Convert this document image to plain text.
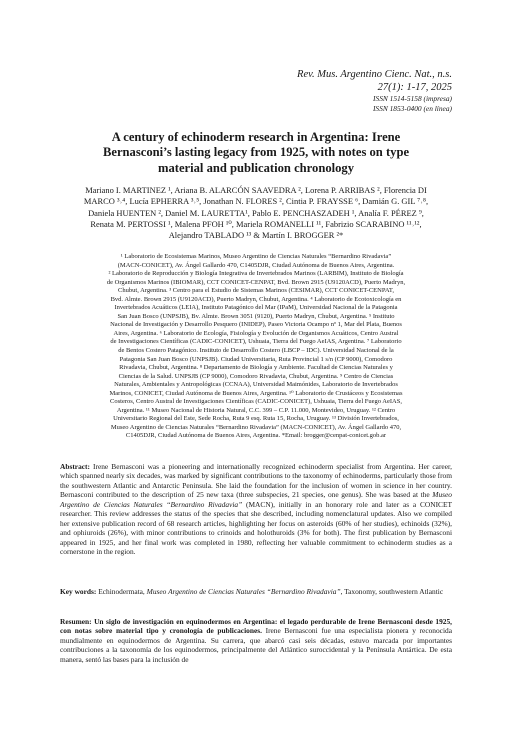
Rev. Mus. Argentino Cienc. Nat., n.s.
27(1): 1-17, 2025
ISSN 1514-5158 (impresa)
ISSN 1853-0400 (en línea)
A century of echinoderm research in Argentina: Irene
Bernasconi’s lasting legacy from 1925, with notes on type
material and publication chronology
Mariano I. MARTINEZ ¹, Ariana B. ALARCÓN SAAVEDRA ², Lorena P. ARRIBAS ², Florencia DI
MARCO ³˒⁴, Lucía EPHERRA ³˒⁵, Jonathan N. FLORES ², Cintia P. FRAYSSE ⁶, Damián G. GIL ⁷˒⁸,
Daniela HUENTEN ², Daniel M. LAURETTA¹, Pablo E. PENCHASZADEH ¹, Analía F. PÉREZ ⁹,
Renata M. PERTOSSI ¹, Malena PFOH ¹⁰, Mariela ROMANELLI ¹¹, Fabrizio SCARABINO ¹¹˒¹²,
Alejandro TABLADO ¹³ & Martín I. BROGGER ²*
¹ Laboratorio de Ecosistemas Marinos, Museo Argentino de Ciencias Naturales “Bernardino Rivadavia”
(MACN-CONICET), Av. Ángel Gallardo 470, C1405DJR, Ciudad Autónoma de Buenos Aires, Argentina.
² Laboratorio de Reproducción y Biología Integrativa de Invertebrados Marinos (LARBIM), Instituto de Biología
de Organismos Marinos (IBIOMAR), CCT CONICET-CENPAT, Bvd. Brown 2915 (U9120ACD), Puerto Madryn,
Chubut, Argentina. ³ Centro para el Estudio de Sistemas Marinos (CESIMAR), CCT CONICET-CENPAT,
Bvd. Almte. Brown 2915 (U9120ACD), Puerto Madryn, Chubut, Argentina. ⁴ Laboratorio de Ecotoxicología en
Invertebrados Acuáticos (LEIA), Instituto Patagónico del Mar (IPaM), Universidad Nacional de la Patagonia
San Juan Bosco (UNPSJB), Bv. Almte. Brown 3051 (9120), Puerto Madryn, Chubut, Argentina. ⁵ Instituto
Nacional de Investigación y Desarrollo Pesquero (INIDEP), Paseo Victoria Ocampo nº 1, Mar del Plata, Buenos
Aires, Argentina. ⁶ Laboratorio de Ecología, Fisiología y Evolución de Organismos Acuáticos, Centro Austral
de Investigaciones Científicas (CADIC-CONICET), Ushuaia, Tierra del Fuego AeIAS, Argentina. ⁷ Laboratorio
de Bentos Costero Patagónico. Instituto de Desarrollo Costero (LBCP – IDC). Universidad Nacional de la
Patagonia San Juan Bosco (UNPSJB). Ciudad Universitaria, Ruta Provincial 1 s/n (CP 9000), Comodoro
Rivadavia, Chubut, Argentina. ⁸ Departamento de Biología y Ambiente. Facultad de Ciencias Naturales y
Ciencias de la Salud. UNPSJB (CP 9000), Comodoro Rivadavia, Chubut, Argentina. ⁹ Centro de Ciencias
Naturales, Ambientales y Antropológicas (CCNAA), Universidad Maimónides, Laboratorio de Invertebrados
Marinos, CONICET, Ciudad Autónoma de Buenos Aires, Argentina. ¹⁰ Laboratorio de Crustáceos y Ecosistemas
Costeros, Centro Austral de Investigaciones Científicas (CADIC-CONICET), Ushuaia, Tierra del Fuego AeIAS,
Argentina. ¹¹ Museo Nacional de Historia Natural, C.C. 399 – C.P. 11.000, Montevideo, Uruguay. ¹² Centro
Universitario Regional del Este, Sede Rocha, Ruta 9 esq. Ruta 15, Rocha, Uruguay. ¹³ División Invertebrados,
Museo Argentino de Ciencias Naturales “Bernardino Rivadavia” (MACN-CONICET), Av. Ángel Gallardo 470,
C1405DJR, Ciudad Autónoma de Buenos Aires, Argentina. *Email: brogger@cenpat-conicet.gob.ar
Abstract: Irene Bernasconi was a pioneering and internationally recognized echinoderm specialist from Argentina. Her career, which spanned nearly six decades, was marked by significant contributions to the taxonomy of echinoderms, particularly those from the southwestern Atlantic and Antarctic Peninsula. She laid the foundation for the inclusion of women in science in her country. Bernasconi contributed to the description of 25 new taxa (three subspecies, 21 species, one genus). She was based at the Museo Argentino de Ciencias Naturales “Bernardino Rivadavia” (MACN), initially in an honorary role and later as a CONICET researcher. This review addresses the status of the species that she described, including nomenclatural updates. Also we compiled her extensive publication record of 68 research articles, highlighting her focus on asteroids (60% of her studies), echinoids (32%), and ophiuroids (26%), with minor contributions to crinoids and holothuroids (3% for both). The first publication by Bernasconi appeared in 1925, and her final work was completed in 1980, reflecting her valuable commitment to echinoderm studies as a cornerstone in the region.
Key words: Echinodermata, Museo Argentino de Ciencias Naturales “Bernardino Rivadavia”, Taxonomy, southwestern Atlantic
Resumen: Un siglo de investigación en equinodermos en Argentina: el legado perdurable de Irene Bernasconi desde 1925, con notas sobre material tipo y cronología de publicaciones. Irene Bernasconi fue una especialista pionera y reconocida mundialmente en equinodermos de Argentina. Su carrera, que abarcó casi seis décadas, estuvo marcada por importantes contribuciones a la taxonomía de los equinodermos, principalmente del Atlántico suroccidental y la Península Antártica. De esta manera, sentó las bases para la inclusión de
